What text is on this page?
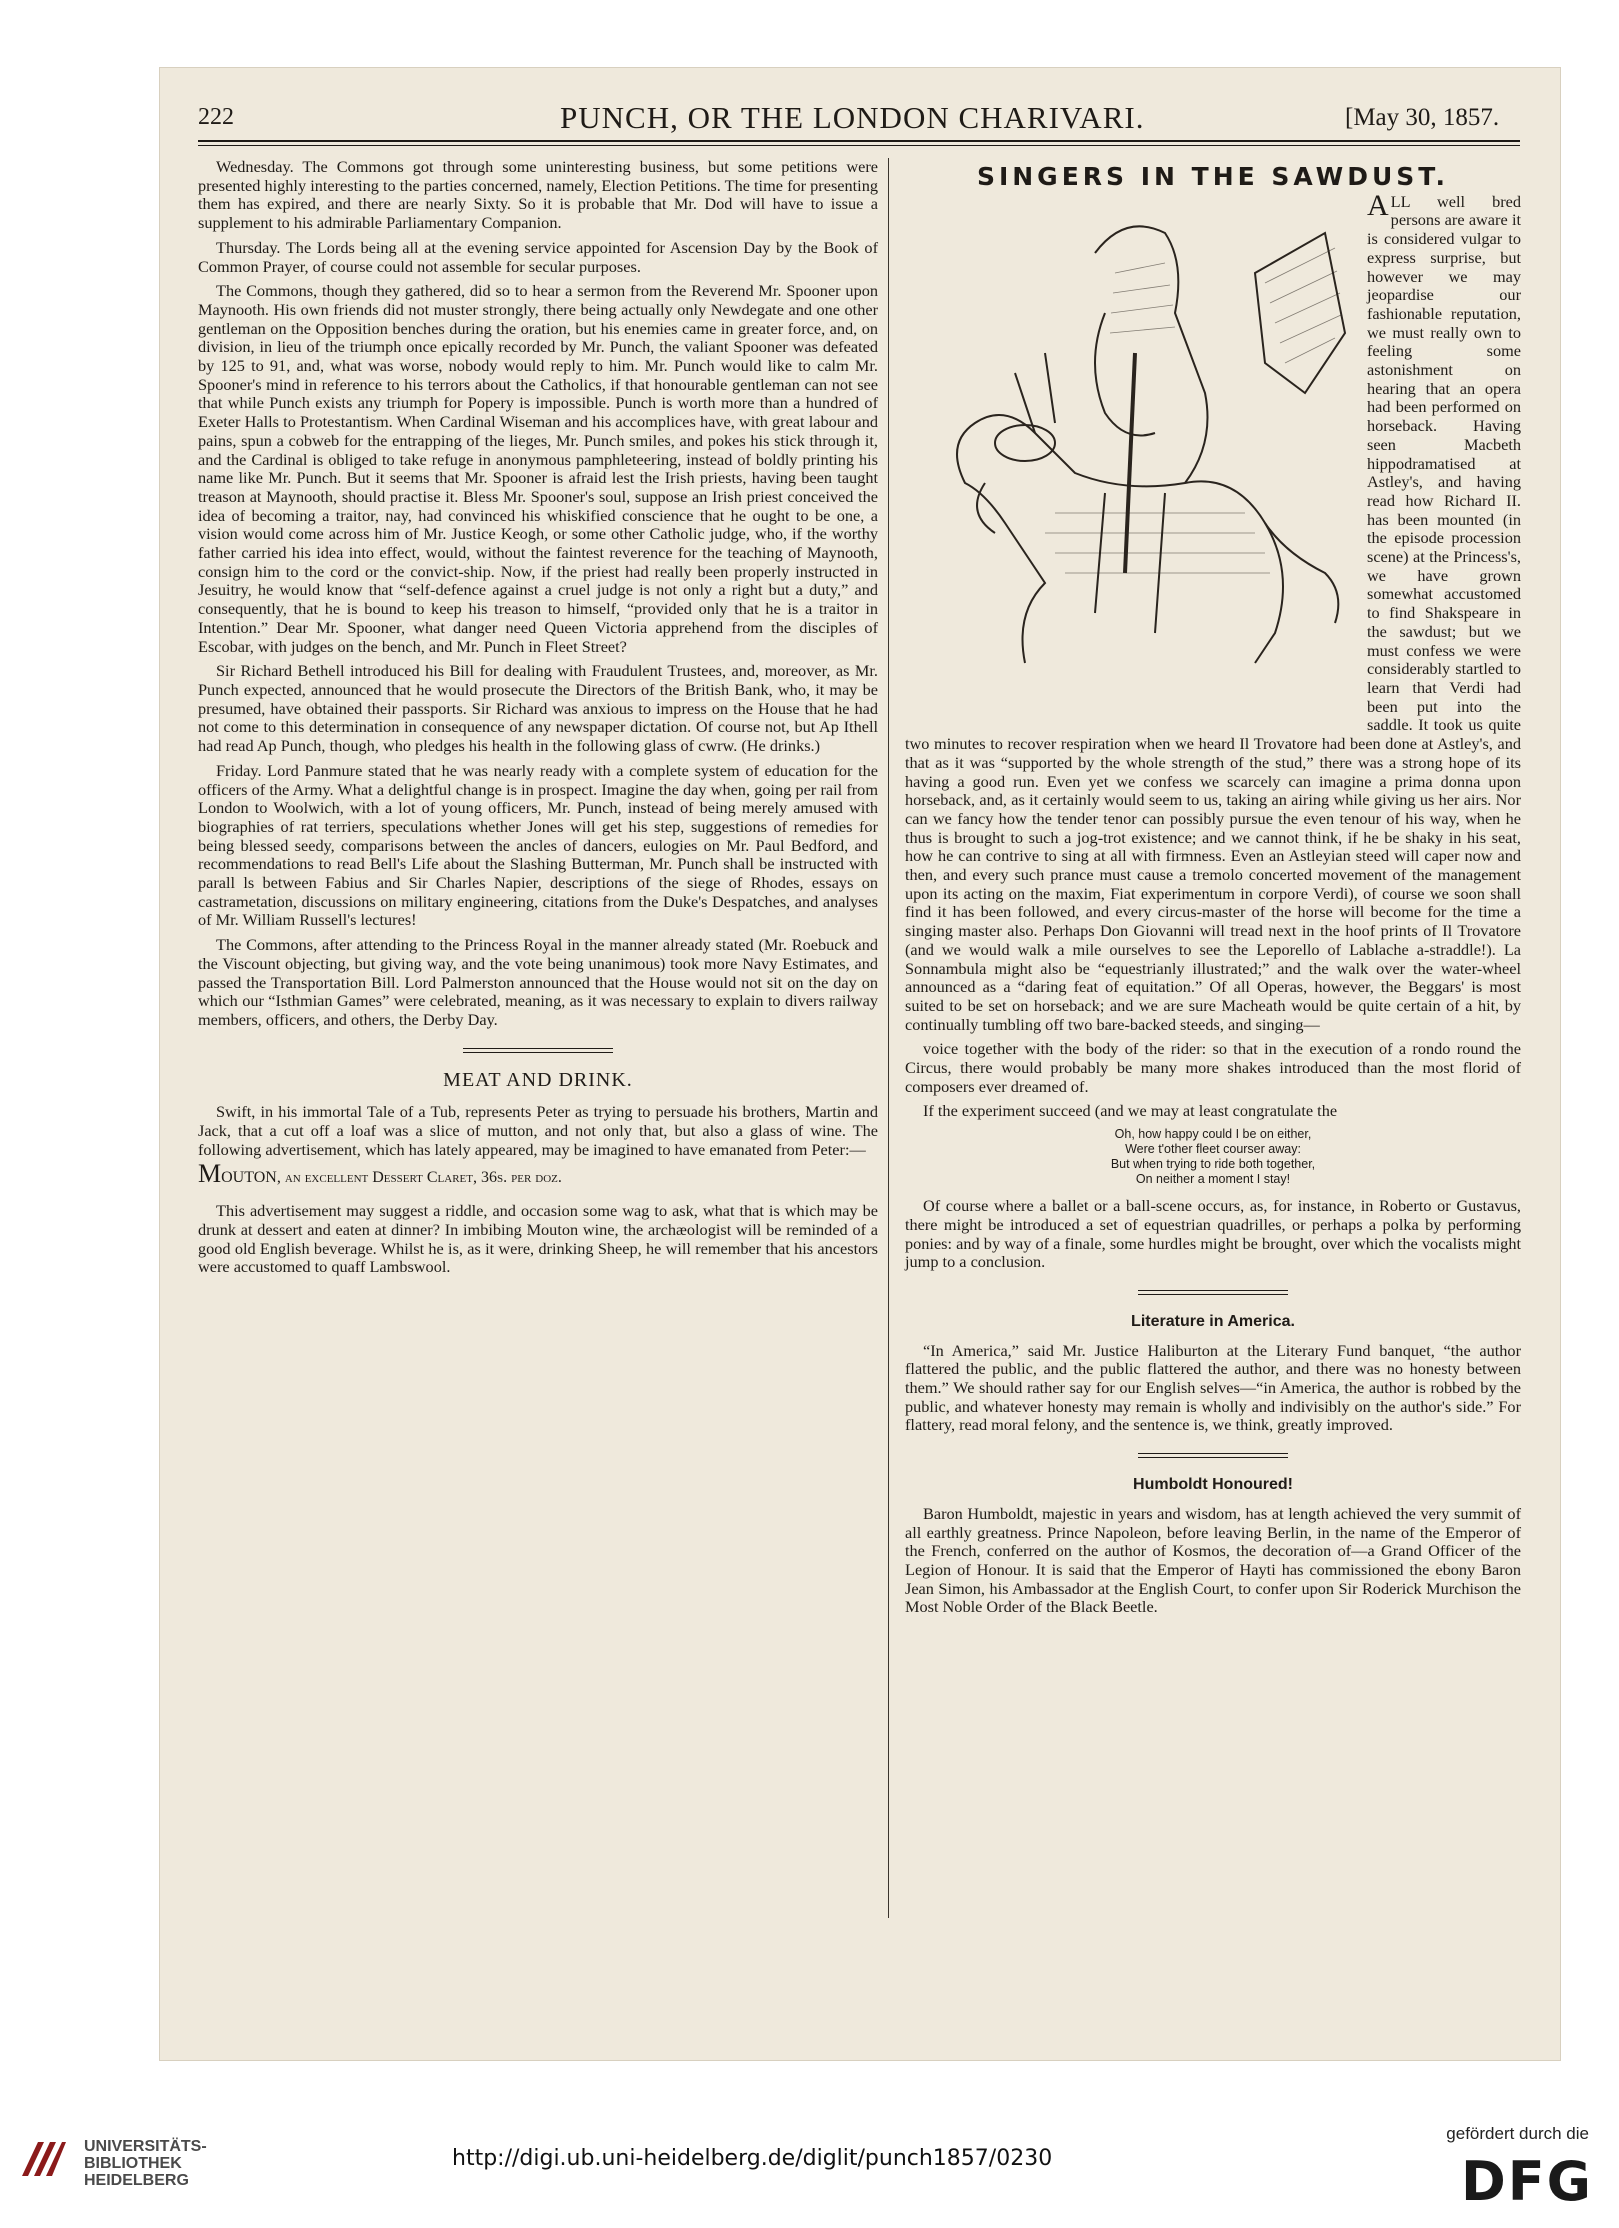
222	PUNCH, OR THE LONDON CHARIVARI.	[May 30, 1857.

Wednesday. The Commons got through some uninteresting business, but some petitions were presented highly interesting to the parties concerned, namely, Election Petitions. The time for presenting them has expired, and there are nearly Sixty. So it is probable that Mr. Dod will have to issue a supplement to his admirable Parliamentary Companion.

Thursday. The Lords being all at the evening service appointed for Ascension Day by the Book of Common Prayer, of course could not assemble for secular purposes.

The Commons, though they gathered, did so to hear a sermon from the Reverend Mr. Spooner upon Maynooth. His own friends did not muster strongly, there being actually only Newdegate and one other gentleman on the Opposition benches during the oration, but his enemies came in greater force, and, on division, in lieu of the triumph once epically recorded by Mr. Punch, the valiant Spooner was defeated by 125 to 91, and, what was worse, nobody would reply to him. Mr. Punch would like to calm Mr. Spooner's mind in reference to his terrors about the Catholics, if that honourable gentleman can not see that while Punch exists any triumph for Popery is impossible. Punch is worth more than a hundred of Exeter Halls to Protestantism. When Cardinal Wiseman and his accomplices have, with great labour and pains, spun a cobweb for the entrapping of the lieges, Mr. Punch smiles, and pokes his stick through it, and the Cardinal is obliged to take refuge in anonymous pamphleteering, instead of boldly printing his name like Mr. Punch. But it seems that Mr. Spooner is afraid lest the Irish priests, having been taught treason at Maynooth, should practise it. Bless Mr. Spooner's soul, suppose an Irish priest conceived the idea of becoming a traitor, nay, had convinced his whiskified conscience that he ought to be one, a vision would come across him of Mr. Justice Keogh, or some other Catholic judge, who, if the worthy father carried his idea into effect, would, without the faintest reverence for the teaching of Maynooth, consign him to the cord or the convict-ship. Now, if the priest had really been properly instructed in Jesuitry, he would know that “self-defence against a cruel judge is not only a right but a duty,” and consequently, that he is bound to keep his treason to himself, “provided only that he is a traitor in Intention.” Dear Mr. Spooner, what danger need Queen Victoria apprehend from the disciples of Escobar, with judges on the bench, and Mr. Punch in Fleet Street?

Sir Richard Bethell introduced his Bill for dealing with Fraudulent Trustees, and, moreover, as Mr. Punch expected, announced that he would prosecute the Directors of the British Bank, who, it may be presumed, have obtained their passports. Sir Richard was anxious to impress on the House that he had not come to this determination in consequence of any newspaper dictation. Of course not, but Ap Ithell had read Ap Punch, though, who pledges his health in the following glass of cwrw. (He drinks.)

Friday. Lord Panmure stated that he was nearly ready with a complete system of education for the officers of the Army. What a delightful change is in prospect. Imagine the day when, going per rail from London to Woolwich, with a lot of young officers, Mr. Punch, instead of being merely amused with biographies of rat terriers, speculations whether Jones will get his step, suggestions of remedies for being blessed seedy, comparisons between the ancles of dancers, eulogies on Mr. Paul Bedford, and recommendations to read Bell's Life about the Slashing Butterman, Mr. Punch shall be instructed with parall ls between Fabius and Sir Charles Napier, descriptions of the siege of Rhodes, essays on castrametation, discussions on military engineering, citations from the Duke's Despatches, and analyses of Mr. William Russell's lectures!

The Commons, after attending to the Princess Royal in the manner already stated (Mr. Roebuck and the Viscount objecting, but giving way, and the vote being unanimous) took more Navy Estimates, and passed the Transportation Bill. Lord Palmerston announced that the House would not sit on the day on which our “Isthmian Games” were celebrated, meaning, as it was necessary to explain to divers railway members, officers, and others, the Derby Day.

MEAT AND DRINK.

Swift, in his immortal Tale of a Tub, represents Peter as trying to persuade his brothers, Martin and Jack, that a cut off a loaf was a slice of mutton, and not only that, but also a glass of wine. The following advertisement, which has lately appeared, may be imagined to have emanated from Peter:—

MOUTON, an excellent Dessert Claret, 36s. per doz.

This advertisement may suggest a riddle, and occasion some wag to ask, what that is which may be drunk at dessert and eaten at dinner? In imbibing Mouton wine, the archæologist will be reminded of a good old English beverage. Whilst he is, as it were, drinking Sheep, he will remember that his ancestors were accustomed to quaff Lambswool.

SINGERS IN THE SAWDUST.

ALL well bred persons are aware it is considered vulgar to express surprise, but however we may jeopardise our fashionable reputation, we must really own to feeling some astonishment on hearing that an opera had been performed on horseback. Having seen Macbeth hippodramatised at Astley's, and having read how Richard II. has been mounted (in the episode procession scene) at the Princess's, we have grown somewhat accustomed to find Shakspeare in the sawdust; but we must confess we were considerably startled to learn that Verdi had been put into the saddle. It took us quite two minutes to recover respiration when we heard Il Trovatore had been done at Astley's, and that as it was “supported by the whole strength of the stud,” there was a strong hope of its having a good run. Even yet we confess we scarcely can imagine a prima donna upon horseback, and, as it certainly would seem to us, taking an airing while giving us her airs. Nor can we fancy how the tender tenor can possibly pursue the even tenour of his way, when he thus is brought to such a jog-trot existence; and we cannot think, if he be shaky in his seat, how he can contrive to sing at all with firmness. Even an Astleyian steed will caper now and then, and every such prance must cause a tremolo concerted movement of the management upon its acting on the maxim, Fiat experimentum in corpore Verdi), of course we soon shall find it has been followed, and every circus-master of the horse will become for the time a singing master also. Perhaps Don Giovanni will tread next in the hoof prints of Il Trovatore (and we would walk a mile ourselves to see the Leporello of Lablache a-straddle!). La Sonnambula might also be “equestrianly illustrated;” and the walk over the water-wheel announced as a “daring feat of equitation.” Of all Operas, however, the Beggars' is most suited to be set on horseback; and we are sure Macheath would be quite certain of a hit, by continually tumbling off two bare-backed steeds, and singing—

voice together with the body of the rider: so that in the execution of a rondo round the Circus, there would probably be many more shakes introduced than the most florid of composers ever dreamed of.

If the experiment succeed (and we may at least congratulate the

Oh, how happy could I be on either,
Were t'other fleet courser away:
But when trying to ride both together,
On neither a moment I stay!

Of course where a ballet or a ball-scene occurs, as, for instance, in Roberto or Gustavus, there might be introduced a set of equestrian quadrilles, or perhaps a polka by performing ponies: and by way of a finale, some hurdles might be brought, over which the vocalists might jump to a conclusion.

Literature in America.

“In America,” said Mr. Justice Haliburton at the Literary Fund banquet, “the author flattered the public, and the public flattered the author, and there was no honesty between them.” We should rather say for our English selves—“in America, the author is robbed by the public, and whatever honesty may remain is wholly and indivisibly on the author's side.” For flattery, read moral felony, and the sentence is, we think, greatly improved.

Humboldt Honoured!

Baron Humboldt, majestic in years and wisdom, has at length achieved the very summit of all earthly greatness. Prince Napoleon, before leaving Berlin, in the name of the Emperor of the French, conferred on the author of Kosmos, the decoration of—a Grand Officer of the Legion of Honour. It is said that the Emperor of Hayti has commissioned the ebony Baron Jean Simon, his Ambassador at the English Court, to confer upon Sir Roderick Murchison the Most Noble Order of the Black Beetle.

UNIVERSITÄTS-
BIBLIOTHEK
HEIDELBERG
http://digi.ub.uni-heidelberg.de/diglit/punch1857/0230
gefördert durch die
DFG
